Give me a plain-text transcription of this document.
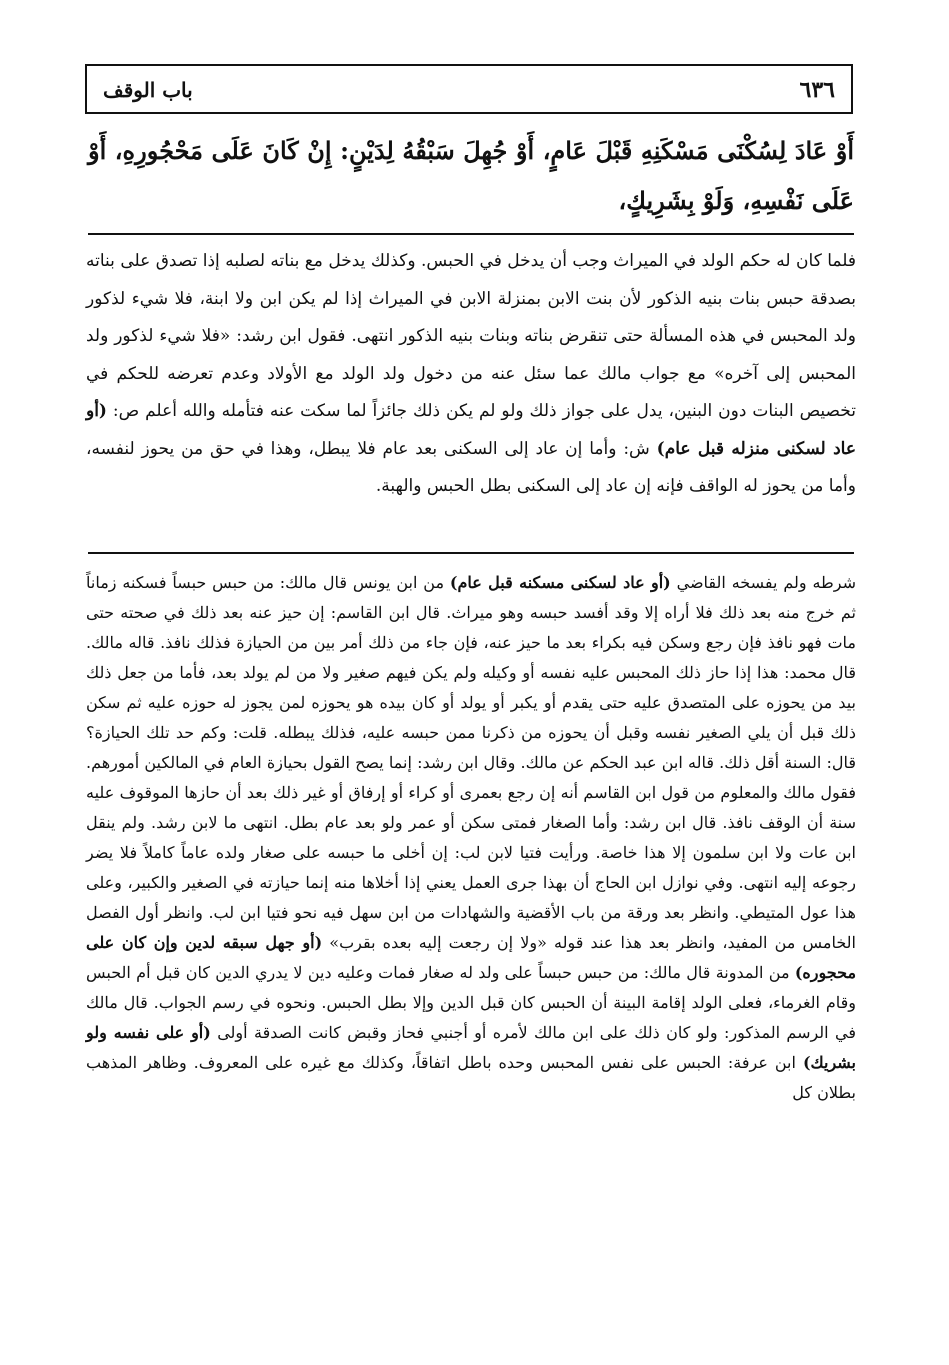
٦٣٦
باب الوقف
أَوْ عَادَ لِسُكْنَى مَسْكَنِهِ قَبْلَ عَامٍ، أَوْ جُهِلَ سَبْقُهُ لِدَيْنٍ: إِنْ كَانَ عَلَى مَحْجُورِهِ، أَوْ عَلَى نَفْسِهِ، وَلَوْ بِشَرِيكٍ،

فلما كان له حكم الولد في الميراث وجب أن يدخل في الحبس. وكذلك يدخل مع بناته لصلبه إذا تصدق على بناته بصدقة حبس بنات بنيه الذكور لأن بنت الابن بمنزلة الابن في الميراث إذا لم يكن ابن ولا ابنة، فلا شيء لذكور ولد المحبس في هذه المسألة حتى تنقرض بناته وبنات بنيه الذكور انتهى. فقول ابن رشد: «فلا شيء لذكور ولد المحبس إلى آخره» مع جواب مالك عما سئل عنه من دخول ولد الولد مع الأولاد وعدم تعرضه للحكم في تخصيص البنات دون البنين، يدل على جواز ذلك ولو لم يكن ذلك جائزاً لما سكت عنه فتأمله والله أعلم ص: (أو عاد لسكنى منزله قبل عام) ش: وأما إن عاد إلى السكنى بعد عام فلا يبطل، وهذا في حق من يحوز لنفسه، وأما من يحوز له الواقف فإنه إن عاد إلى السكنى بطل الحبس والهبة.

شرطه ولم يفسخه القاضي (أو عاد لسكنى مسكنه قبل عام) من ابن يونس قال مالك: من حبس حبساً فسكنه زماناً ثم خرج منه بعد ذلك فلا أراه إلا وقد أفسد حبسه وهو ميراث. قال ابن القاسم: إن حيز عنه بعد ذلك في صحته حتى مات فهو نافذ فإن رجع وسكن فيه بكراء بعد ما حيز عنه، فإن جاء من ذلك أمر بين من الحيازة فذلك نافذ. قاله مالك. قال محمد: هذا إذا حاز ذلك المحبس عليه نفسه أو وكيله ولم يكن فيهم صغير ولا من لم يولد بعد، فأما من جعل ذلك بيد من يحوزه على المتصدق عليه حتى يقدم أو يكبر أو يولد أو كان بيده هو يحوزه لمن يجوز له حوزه عليه ثم سكن ذلك قبل أن يلي الصغير نفسه وقبل أن يحوزه من ذكرنا ممن حبسه عليه، فذلك يبطله. قلت: وكم حد تلك الحيازة؟ قال: السنة أقل ذلك. قاله ابن عبد الحكم عن مالك. وقال ابن رشد: إنما يصح القول بحيازة العام في المالكين أمورهم. فقول مالك والمعلوم من قول ابن القاسم أنه إن رجع بعمرى أو كراء أو إرفاق أو غير ذلك بعد أن حازها الموقوف عليه سنة أن الوقف نافذ. قال ابن رشد: وأما الصغار فمتى سكن أو عمر ولو بعد عام بطل. انتهى ما لابن رشد. ولم ينقل ابن عات ولا ابن سلمون إلا هذا خاصة. ورأيت فتيا لابن لب: إن أخلى ما حبسه على صغار ولده عاماً كاملاً فلا يضر رجوعه إليه انتهى. وفي نوازل ابن الحاج أن بهذا جرى العمل يعني إذا أخلاها منه إنما حيازته في الصغير والكبير، وعلى هذا عول المتيطي. وانظر بعد ورقة من باب الأقضية والشهادات من ابن سهل فيه نحو فتيا ابن لب. وانظر أول الفصل الخامس من المفيد، وانظر بعد هذا عند قوله «ولا إن رجعت إليه بعده بقرب» (أو جهل سبقه لدين وإن كان على محجوره) من المدونة قال مالك: من حبس حبساً على ولد له صغار فمات وعليه دين لا يدري الدين كان قبل أم الحبس وقام الغرماء، فعلى الولد إقامة البينة أن الحبس كان قبل الدين وإلا بطل الحبس. ونحوه في رسم الجواب. قال مالك في الرسم المذكور: ولو كان ذلك على ابن مالك لأمره أو أجنبي فحاز وقبض كانت الصدقة أولى (أو على نفسه ولو بشريك) ابن عرفة: الحبس على نفس المحبس وحده باطل اتفاقاً، وكذلك مع غيره على المعروف. وظاهر المذهب بطلان كل
